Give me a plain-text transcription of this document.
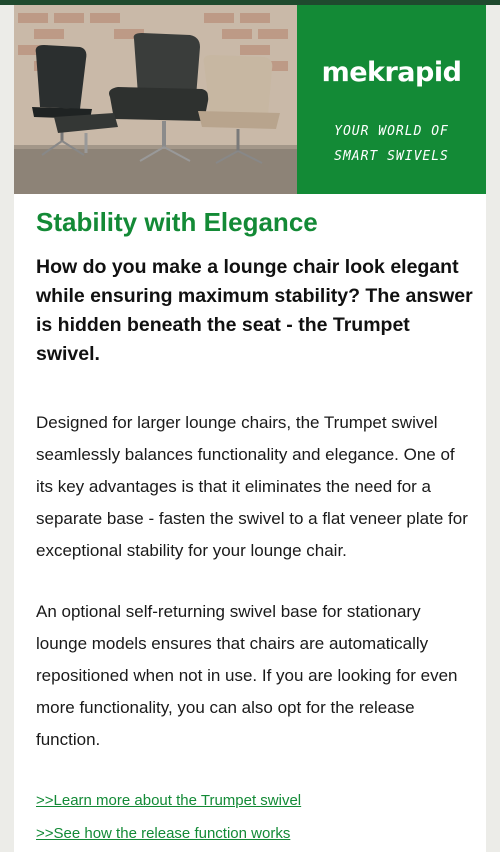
mekrapid
YOUR WORLD OF
SMART SWIVELS
Stability with Elegance

How do you make a lounge chair look elegant while ensuring maximum stability? The answer is hidden beneath the seat - the Trumpet swivel.

Designed for larger lounge chairs, the Trumpet swivel seamlessly balances functionality and elegance. One of its key advantages is that it eliminates the need for a separate base - fasten the swivel to a flat veneer plate for exceptional stability for your lounge chair.

An optional self-returning swivel base for stationary lounge models ensures that chairs are automatically repositioned when not in use. If you are looking for even more functionality, you can also opt for the release function.

>>Learn more about the Trumpet swivel
>>See how the release function works
